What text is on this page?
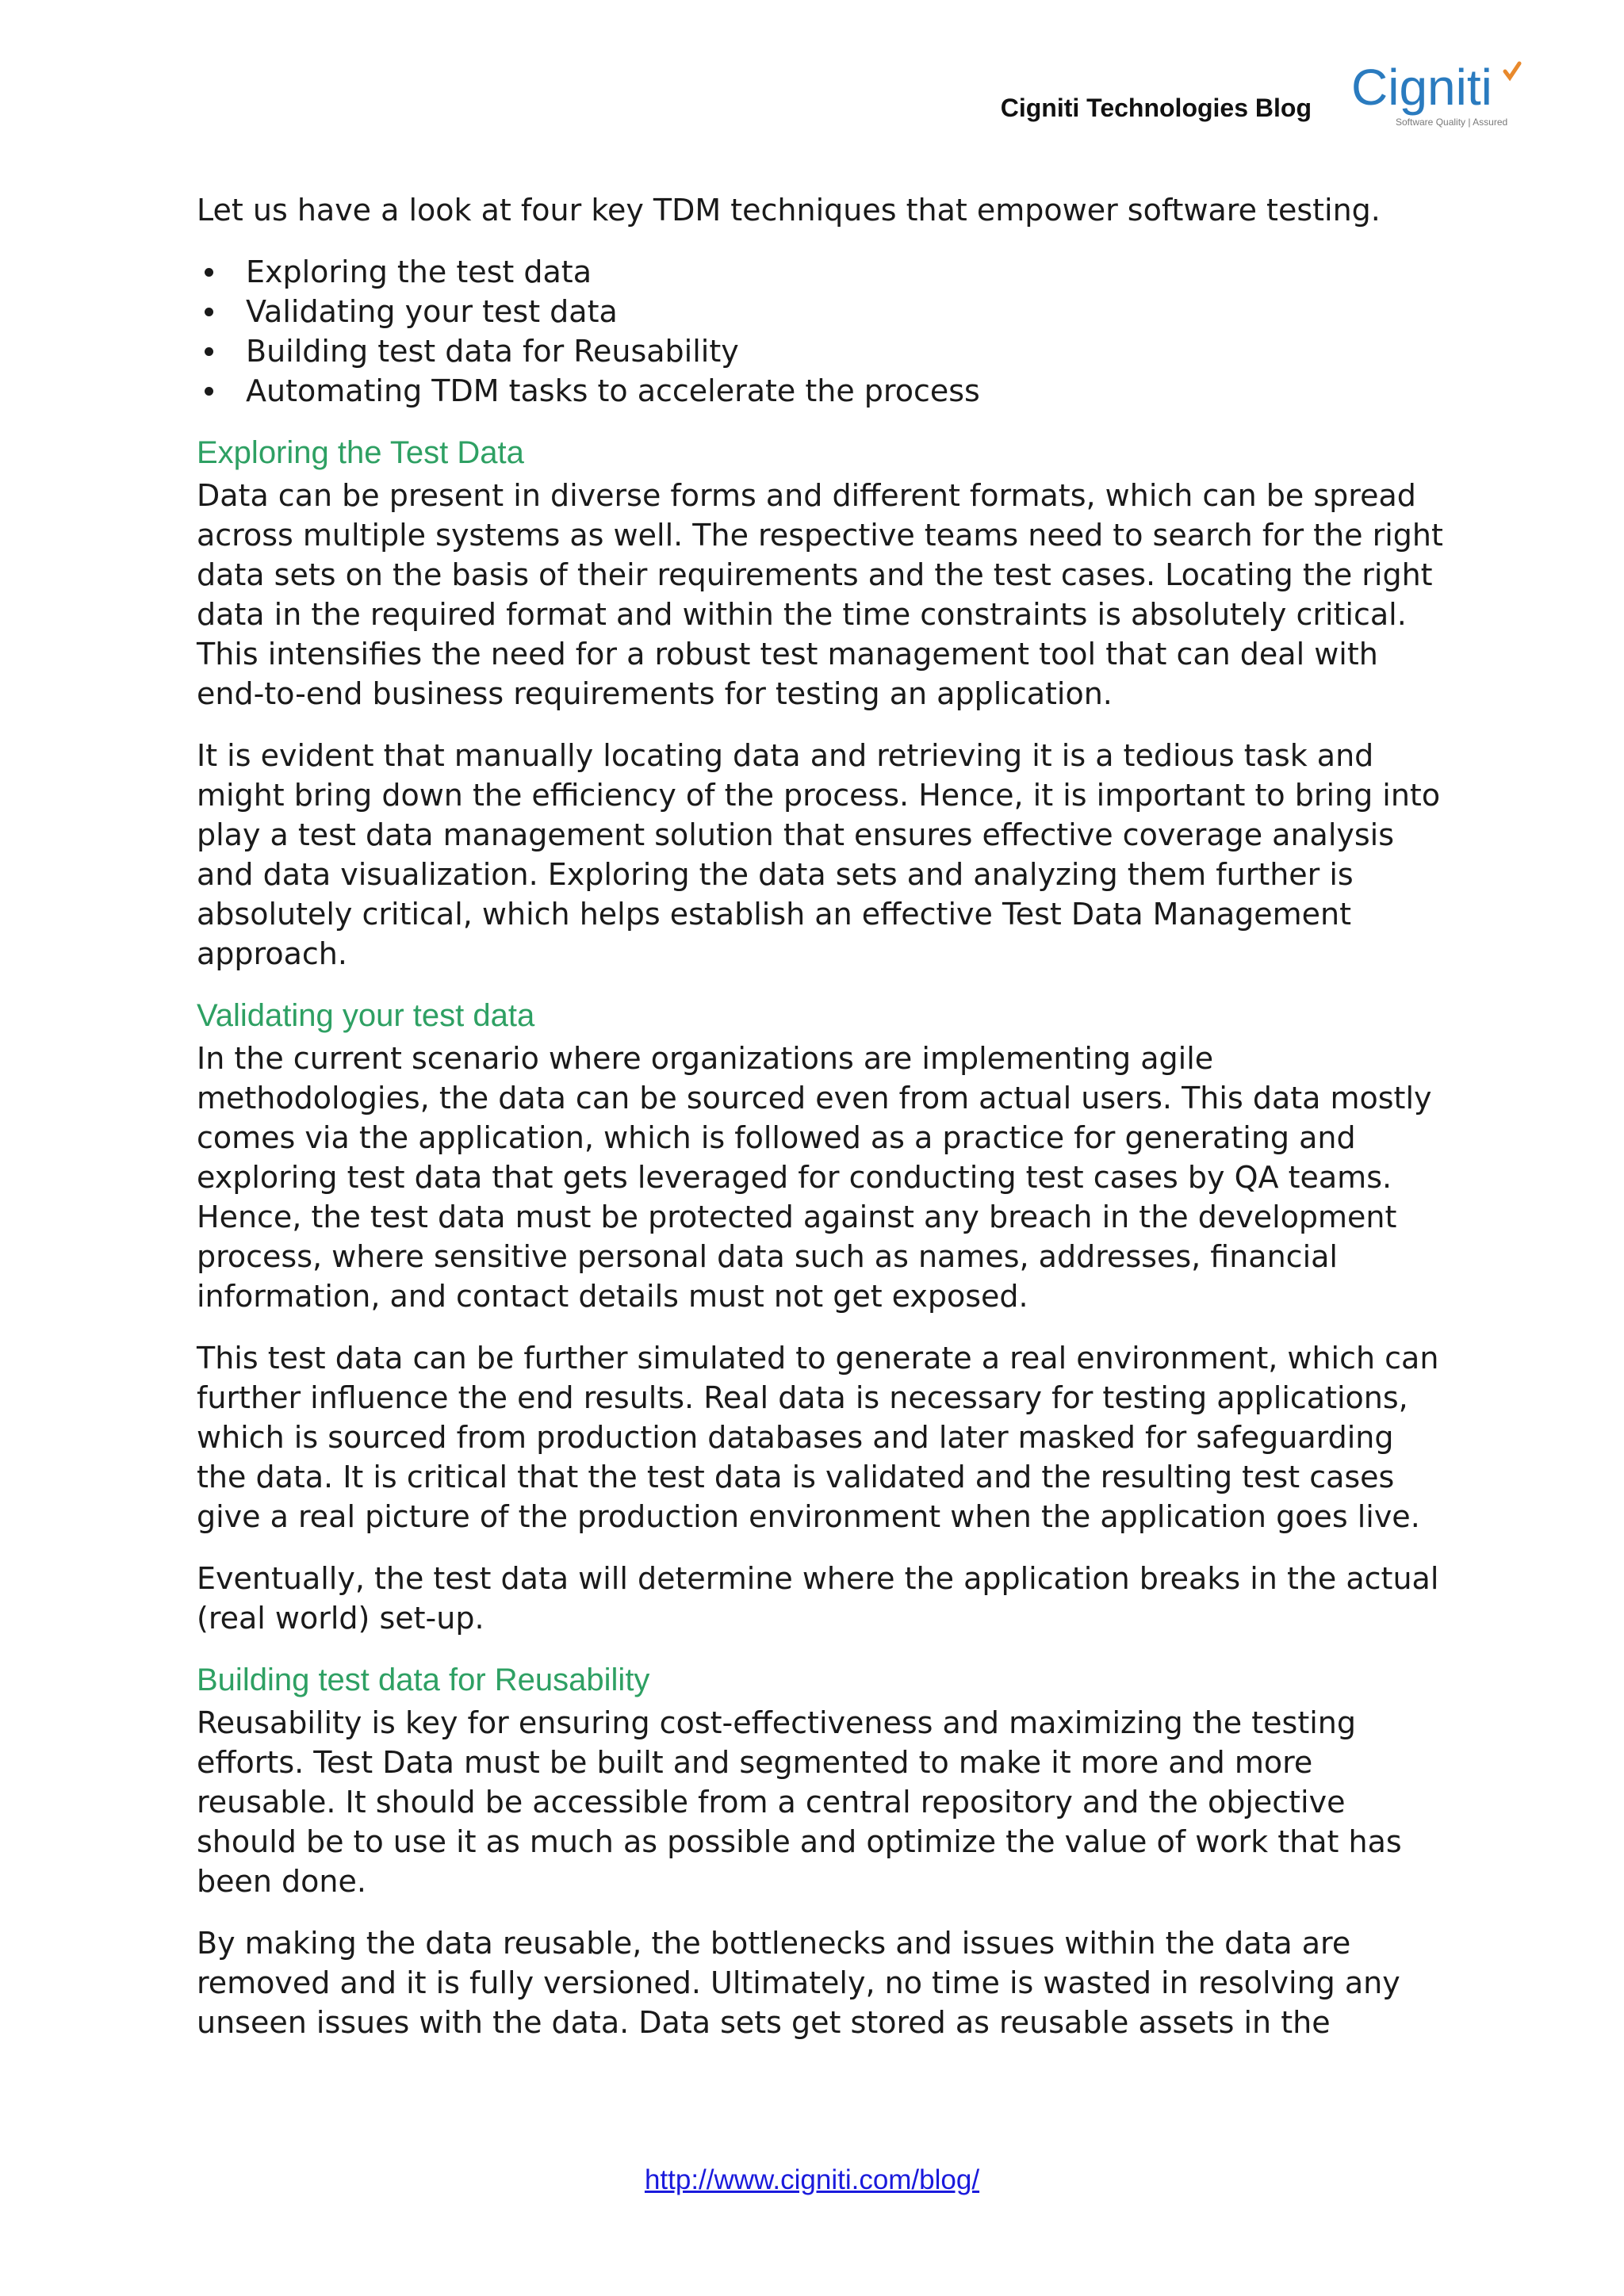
Cigniti Technologies Blog Cigniti
Software Quality | Assured

Let us have a look at four key TDM techniques that empower software testing.

Exploring the test data
Validating your test data
Building test data for Reusability
Automating TDM tasks to accelerate the process
Exploring the Test Data

Data can be present in diverse forms and different formats, which can be spread across multiple systems as well. The respective teams need to search for the right data sets on the basis of their requirements and the test cases. Locating the right data in the required format and within the time constraints is absolutely critical. This intensifies the need for a robust test management tool that can deal with end-to-end business requirements for testing an application.

It is evident that manually locating data and retrieving it is a tedious task and might bring down the efficiency of the process. Hence, it is important to bring into play a test data management solution that ensures effective coverage analysis and data visualization. Exploring the data sets and analyzing them further is absolutely critical, which helps establish an effective Test Data Management approach.

Validating your test data

In the current scenario where organizations are implementing agile methodologies, the data can be sourced even from actual users. This data mostly comes via the application, which is followed as a practice for generating and exploring test data that gets leveraged for conducting test cases by QA teams. Hence, the test data must be protected against any breach in the development process, where sensitive personal data such as names, addresses, financial information, and contact details must not get exposed.

This test data can be further simulated to generate a real environment, which can further influence the end results. Real data is necessary for testing applications, which is sourced from production databases and later masked for safeguarding the data. It is critical that the test data is validated and the resulting test cases give a real picture of the production environment when the application goes live.

Eventually, the test data will determine where the application breaks in the actual (real world) set-up.

Building test data for Reusability

Reusability is key for ensuring cost-effectiveness and maximizing the testing efforts. Test Data must be built and segmented to make it more and more reusable. It should be accessible from a central repository and the objective should be to use it as much as possible and optimize the value of work that has been done.

By making the data reusable, the bottlenecks and issues within the data are removed and it is fully versioned. Ultimately, no time is wasted in resolving any unseen issues with the data. Data sets get stored as reusable assets in the

http://www.cigniti.com/blog/
